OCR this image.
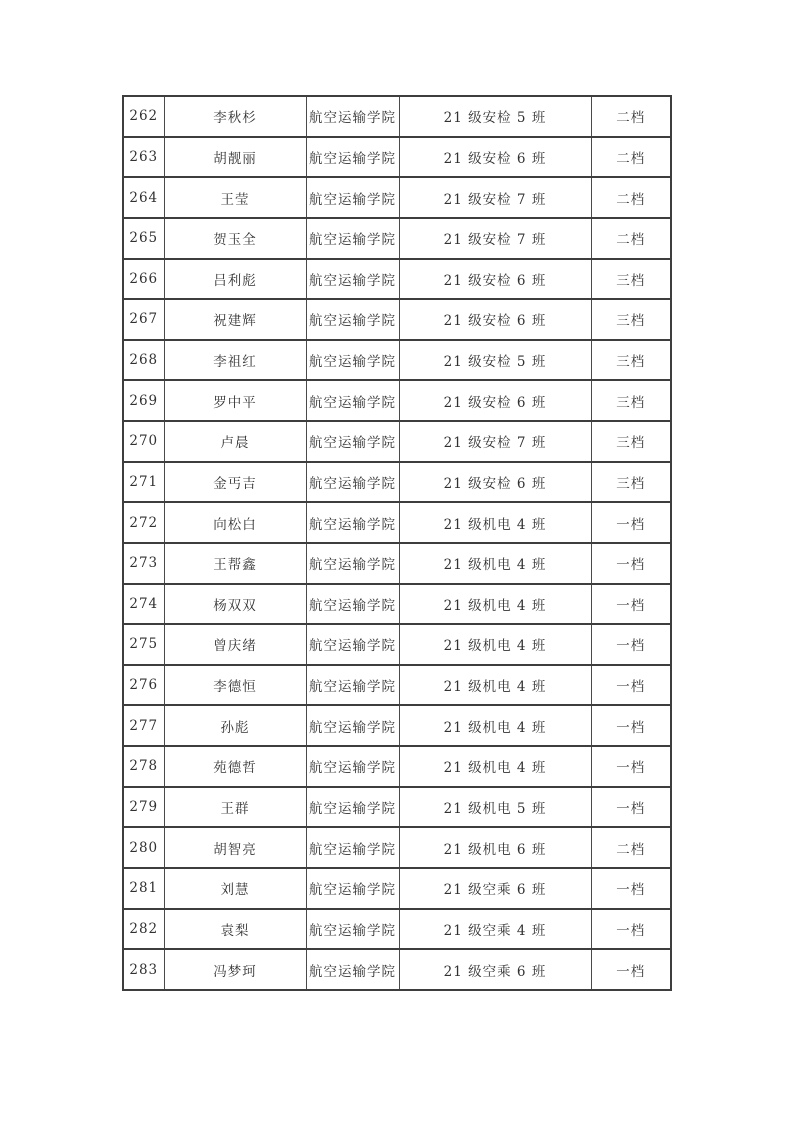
262	李秋杉	航空运输学院	21 级安检 5 班	二档
263	胡靓丽	航空运输学院	21 级安检 6 班	二档
264	王莹	航空运输学院	21 级安检 7 班	二档
265	贺玉全	航空运输学院	21 级安检 7 班	二档
266	吕利彪	航空运输学院	21 级安检 6 班	三档
267	祝建辉	航空运输学院	21 级安检 6 班	三档
268	李祖红	航空运输学院	21 级安检 5 班	三档
269	罗中平	航空运输学院	21 级安检 6 班	三档
270	卢晨	航空运输学院	21 级安检 7 班	三档
271	金丐吉	航空运输学院	21 级安检 6 班	三档
272	向松白	航空运输学院	21 级机电 4 班	一档
273	王帮鑫	航空运输学院	21 级机电 4 班	一档
274	杨双双	航空运输学院	21 级机电 4 班	一档
275	曾庆绪	航空运输学院	21 级机电 4 班	一档
276	李德恒	航空运输学院	21 级机电 4 班	一档
277	孙彪	航空运输学院	21 级机电 4 班	一档
278	苑德哲	航空运输学院	21 级机电 4 班	一档
279	王群	航空运输学院	21 级机电 5 班	一档
280	胡智亮	航空运输学院	21 级机电 6 班	二档
281	刘慧	航空运输学院	21 级空乘 6 班	一档
282	袁梨	航空运输学院	21 级空乘 4 班	一档
283	冯梦珂	航空运输学院	21 级空乘 6 班	一档
